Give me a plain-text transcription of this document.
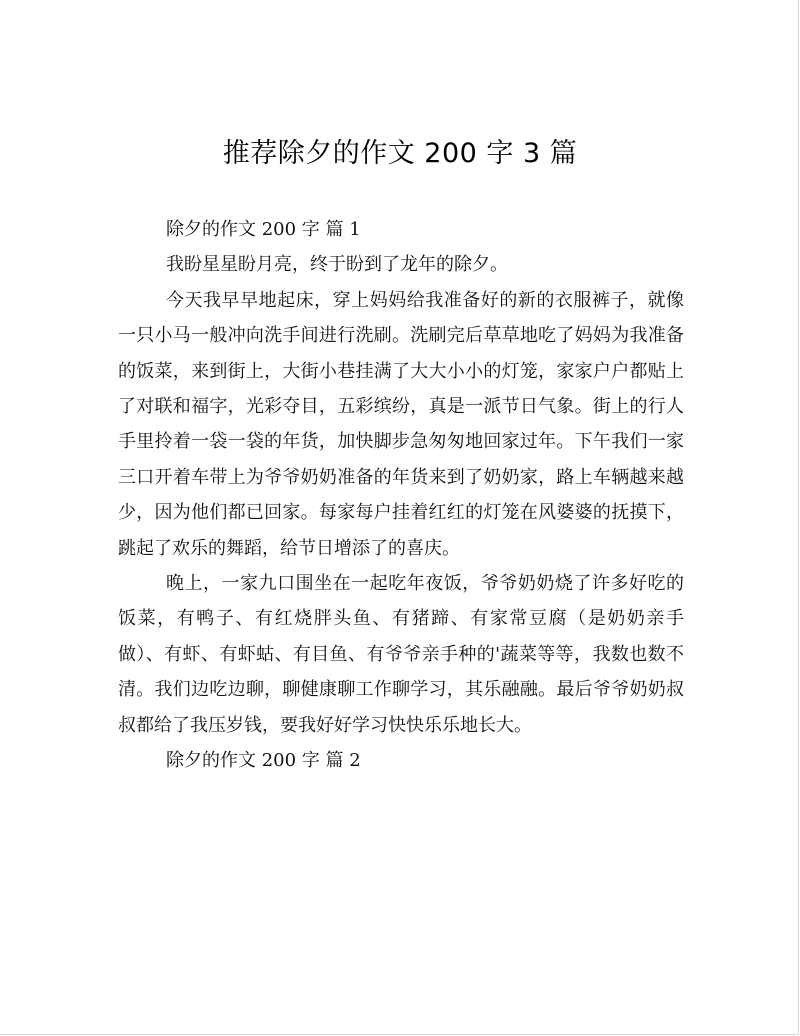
推荐除夕的作文 200 字 3 篇

除夕的作文 200 字 篇 1

我盼星星盼月亮，终于盼到了龙年的除夕。

今天我早早地起床，穿上妈妈给我准备好的新的衣服裤子，就像一只小马一般冲向洗手间进行洗刷。洗刷完后草草地吃了妈妈为我准备的饭菜，来到街上，大街小巷挂满了大大小小的灯笼，家家户户都贴上了对联和福字，光彩夺目，五彩缤纷，真是一派节日气象。街上的行人手里拎着一袋一袋的年货，加快脚步急匆匆地回家过年。下午我们一家三口开着车带上为爷爷奶奶准备的年货来到了奶奶家，路上车辆越来越少，因为他们都已回家。每家每户挂着红红的灯笼在风婆婆的抚摸下，跳起了欢乐的舞蹈，给节日增添了的喜庆。

晚上，一家九口围坐在一起吃年夜饭，爷爷奶奶烧了许多好吃的饭菜，有鸭子、有红烧胖头鱼、有猪蹄、有家常豆腐（是奶奶亲手做）、有虾、有虾蛄、有目鱼、有爷爷亲手种的'蔬菜等等，我数也数不清。我们边吃边聊，聊健康聊工作聊学习，其乐融融。最后爷爷奶奶叔叔都给了我压岁钱，要我好好学习快快乐乐地长大。

除夕的作文 200 字 篇 2
